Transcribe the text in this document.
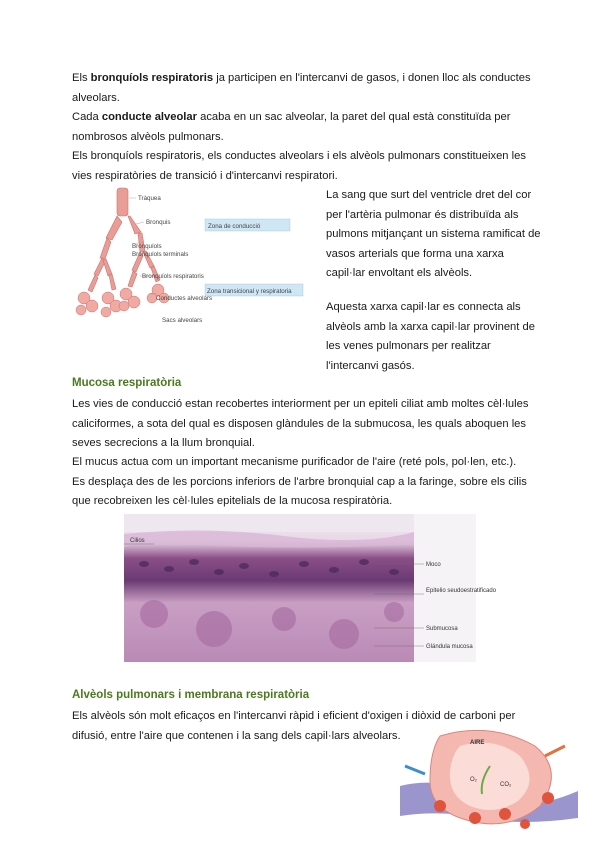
Els bronquíols respiratoris ja participen en l'intercanvi de gasos, i donen lloc als conductes alveolars.

Cada conducte alveolar acaba en un sac alveolar, la paret del qual està constituïda per nombrosos alvèols pulmonars.

Els bronquíols respiratoris, els conductes alveolars i els alvèols pulmonars constitueixen les vies respiratòries de transició i d'intercanvi respiratori.

Tràquea
Bronquis
Zona de conducció
Bronquíols
Bronquíols terminals
Bronquíols respiratoris
Zona transicional y respiratoria
Conductes alveolars
Sacs alveolars

La sang que surt del ventricle dret del cor per l'artèria pulmonar és distribuïda als pulmons mitjançant un sistema ramificat de vasos arterials que forma una xarxa capil·lar envoltant els alvèols.

Aquesta xarxa capil·lar es connecta als alvèols amb la xarxa capil·lar provinent de les venes pulmonars per realitzar l'intercanvi gasós.

Mucosa respiratòria

Les vies de conducció estan recobertes interiorment per un epiteli ciliat amb moltes cèl·lules caliciformes, a sota del qual es disposen glàndules de la submucosa, les quals aboquen les seves secrecions a la llum bronquial.

El mucus actua com un important mecanisme purificador de l'aire (reté pols, pol·len, etc.). Es desplaça des de les porcions inferiors de l'arbre bronquial cap a la faringe, sobre els cilis que recobreixen les cèl·lules epitelials de la mucosa respiratòria.

Cilios
Moco
Epitelio seudoestratificado
Submucosa
Glándula mucosa

Alvèols pulmonars i membrana respiratòria

Els alvèols són molt eficaços en l'intercanvi ràpid i eficient d'oxigen i diòxid de carboni per difusió, entre l'aire que contenen i la sang dels capil·lars alveolars.

AIRE
O₂
CO₂
